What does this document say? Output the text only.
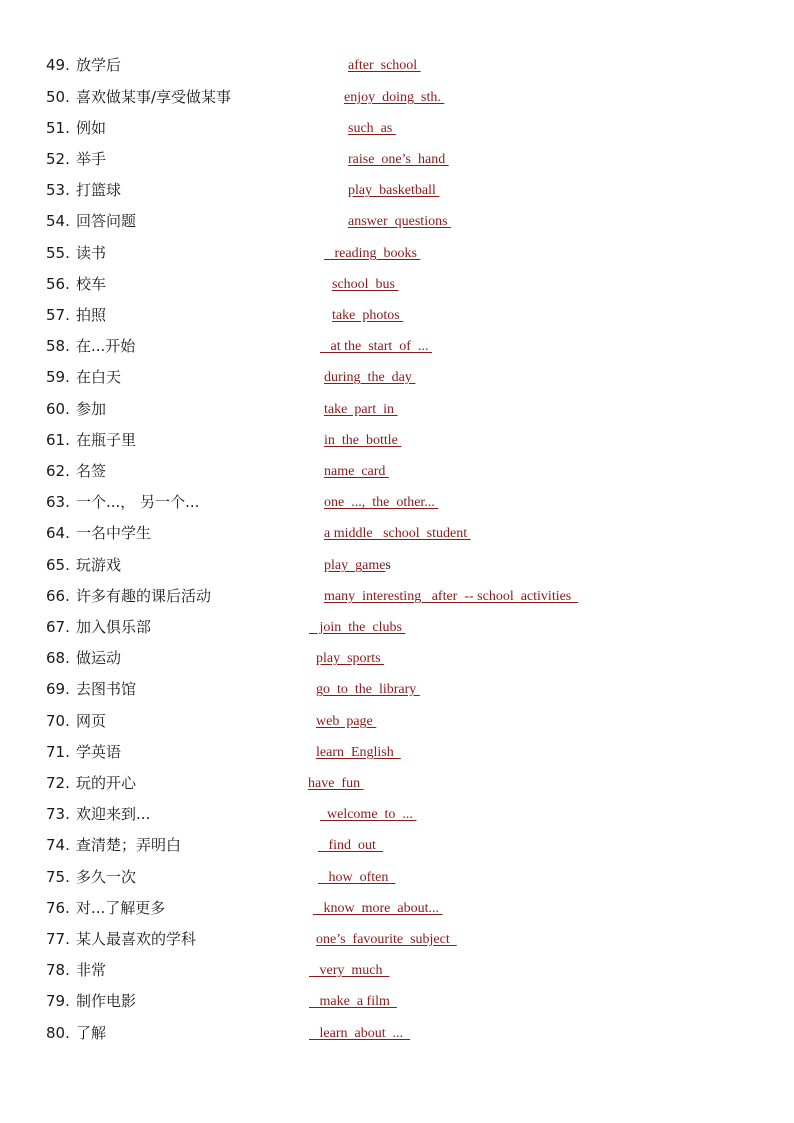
49. 放学后	after  school
50. 喜欢做某事/享受做某事	enjoy  doing  sth.
51. 例如	such  as
52. 举手	raise  one’s  hand
53. 打篮球	play  basketball
54. 回答问题	answer  questions
55. 读书	reading  books
56. 校车	school  bus
57. 拍照	take  photos
58. 在...开始	at the  start  of  ...
59. 在白天	during  the  day
60. 参加	take  part  in
61. 在瓶子里	in  the  bottle
62. 名签	name  card
63. 一个...， 另一个...	one  ...,  the  other...
64. 一名中学生	a middle   school  student
65. 玩游戏	play  games
66. 许多有趣的课后活动	many  interesting   after  -- school  activities
67. 加入俱乐部	join  the  clubs
68. 做运动	play  sports
69. 去图书馆	go  to  the  library
70. 网页	web  page
71. 学英语	learn  English
72. 玩的开心	have  fun
73. 欢迎来到...	welcome  to  ...
74. 查清楚；弄明白	find  out
75. 多久一次	how  often
76. 对...了解更多	know  more  about...
77. 某人最喜欢的学科	one’s  favourite  subject
78. 非常	very  much
79. 制作电影	make  a film
80. 了解	learn  about  ...
